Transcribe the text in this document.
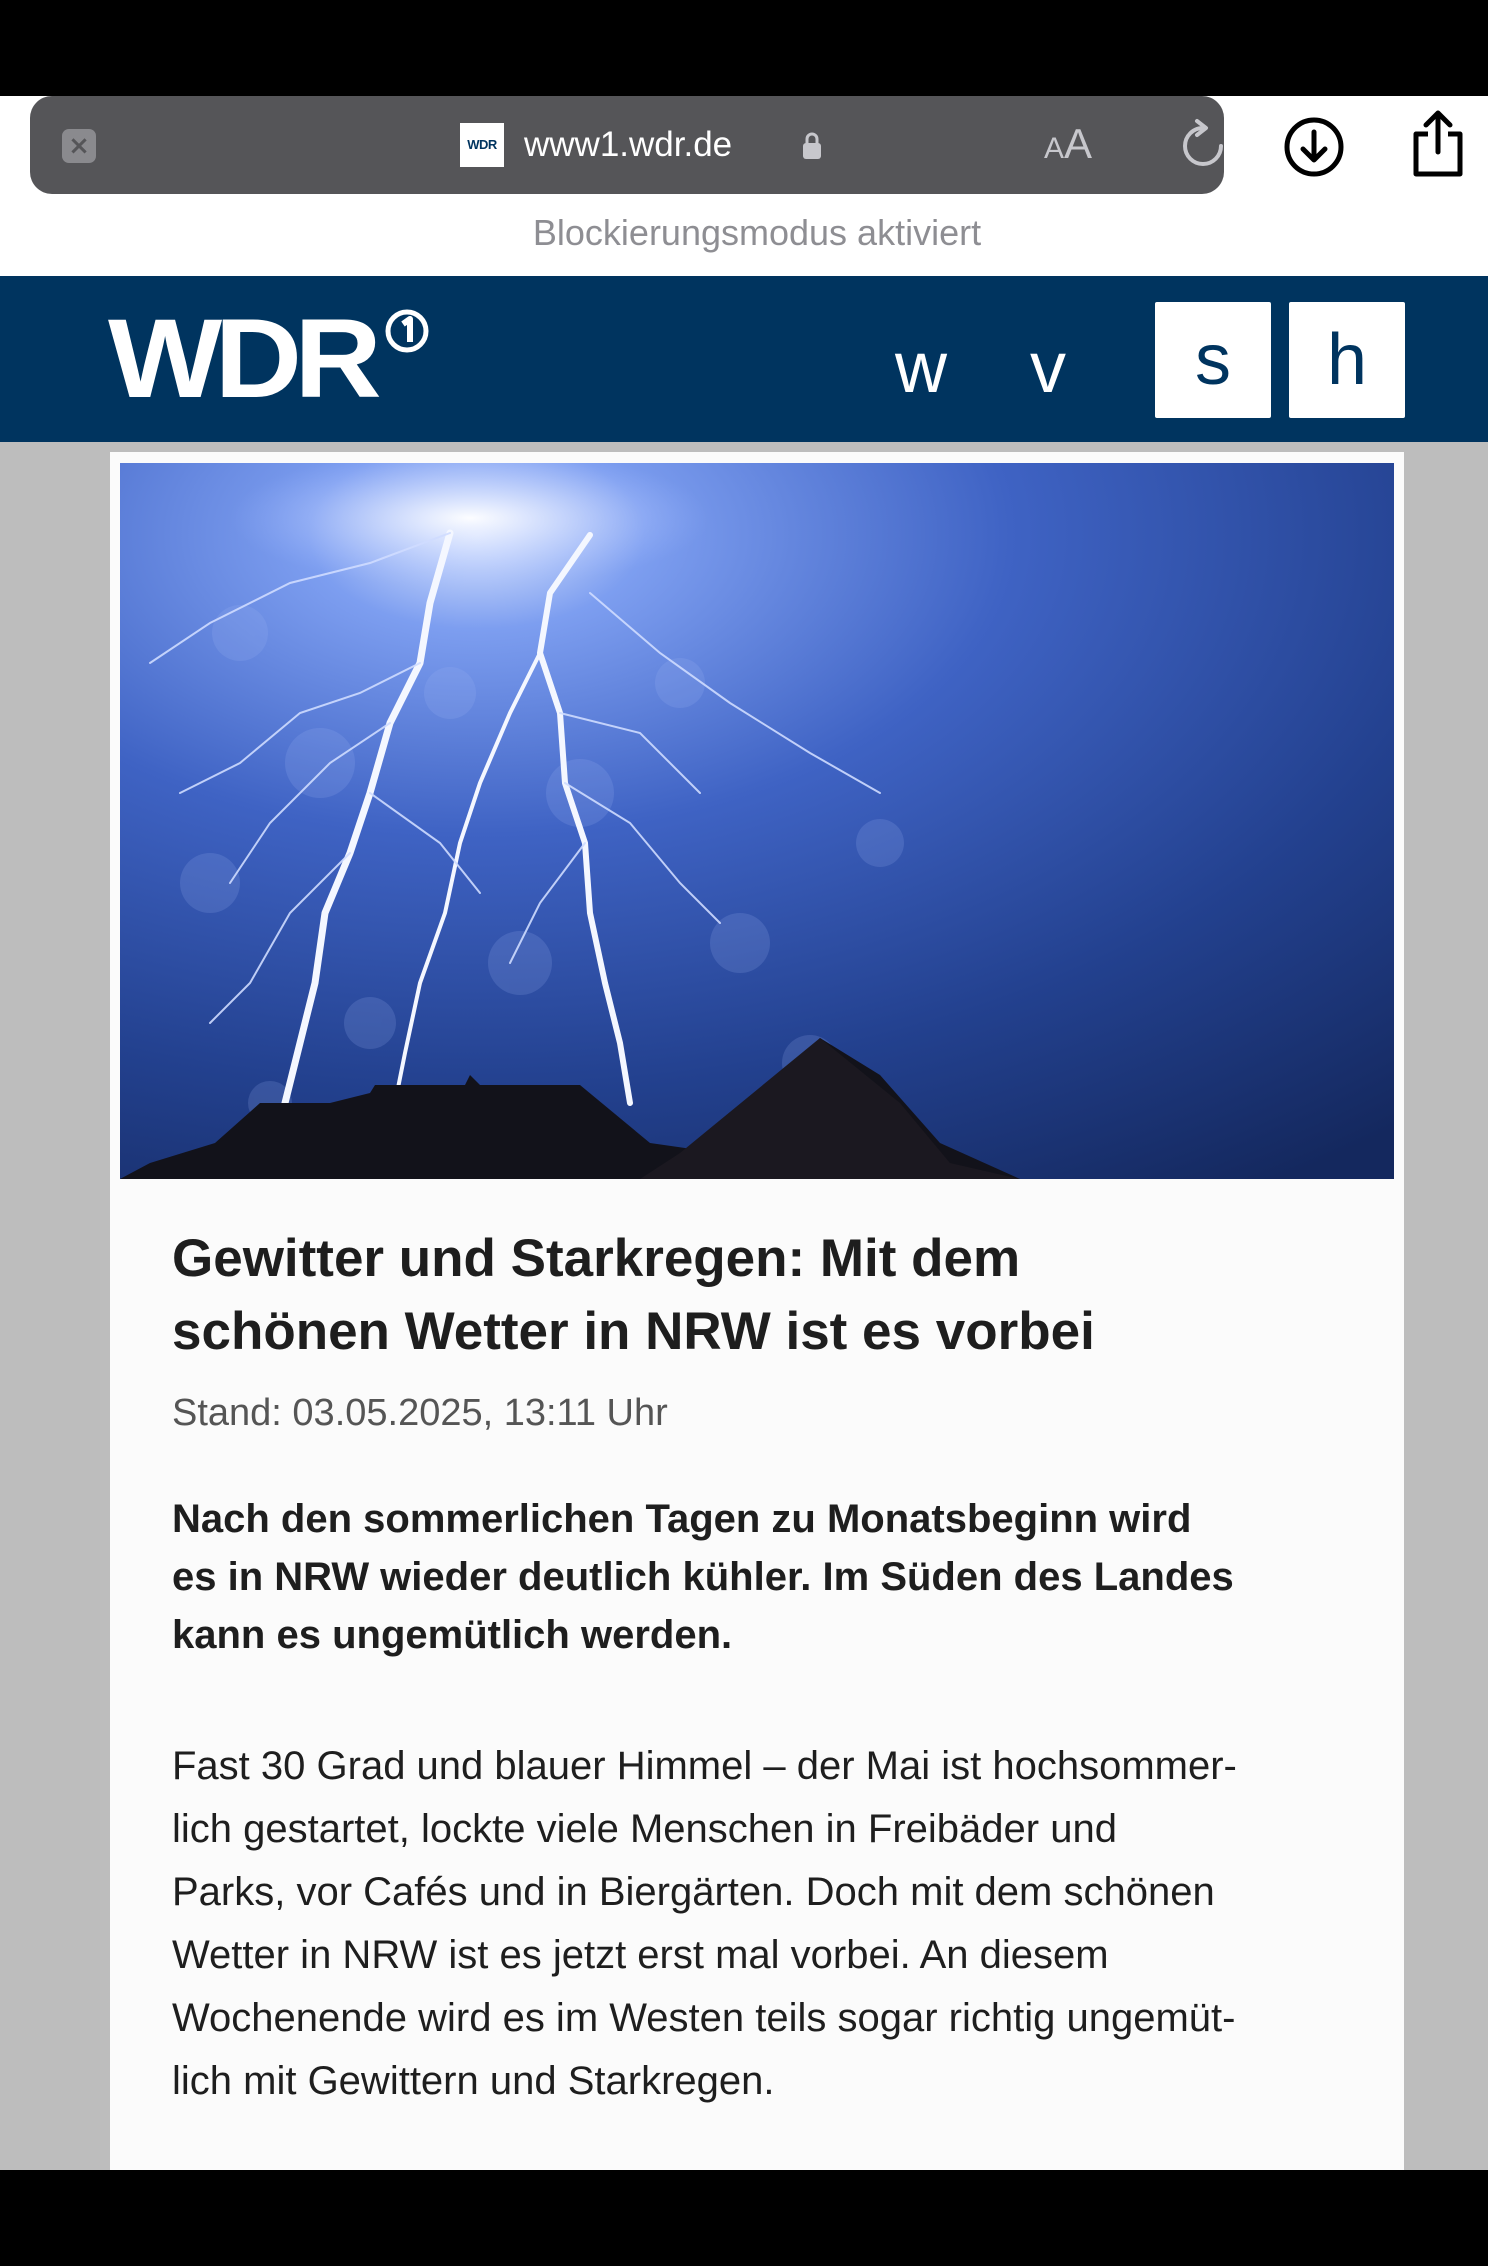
×	WDR www1.wdr.de	AA
Blockierungsmodus aktiviert
WDR	w v	s	h
Gewitter und Starkregen: Mit dem
schönen Wetter in NRW ist es vorbei
Stand: 03.05.2025, 13:11 Uhr

Nach den sommerlichen Tagen zu Monatsbeginn wird
es in NRW wieder deutlich kühler. Im Süden des Landes
kann es ungemütlich werden.

Fast 30 Grad und blauer Himmel – der Mai ist hochsommer-
lich gestartet, lockte viele Menschen in Freibäder und
Parks, vor Cafés und in Biergärten. Doch mit dem schönen
Wetter in NRW ist es jetzt erst mal vorbei. An diesem
Wochenende wird es im Westen teils sogar richtig ungemüt-
lich mit Gewittern und Starkregen.
